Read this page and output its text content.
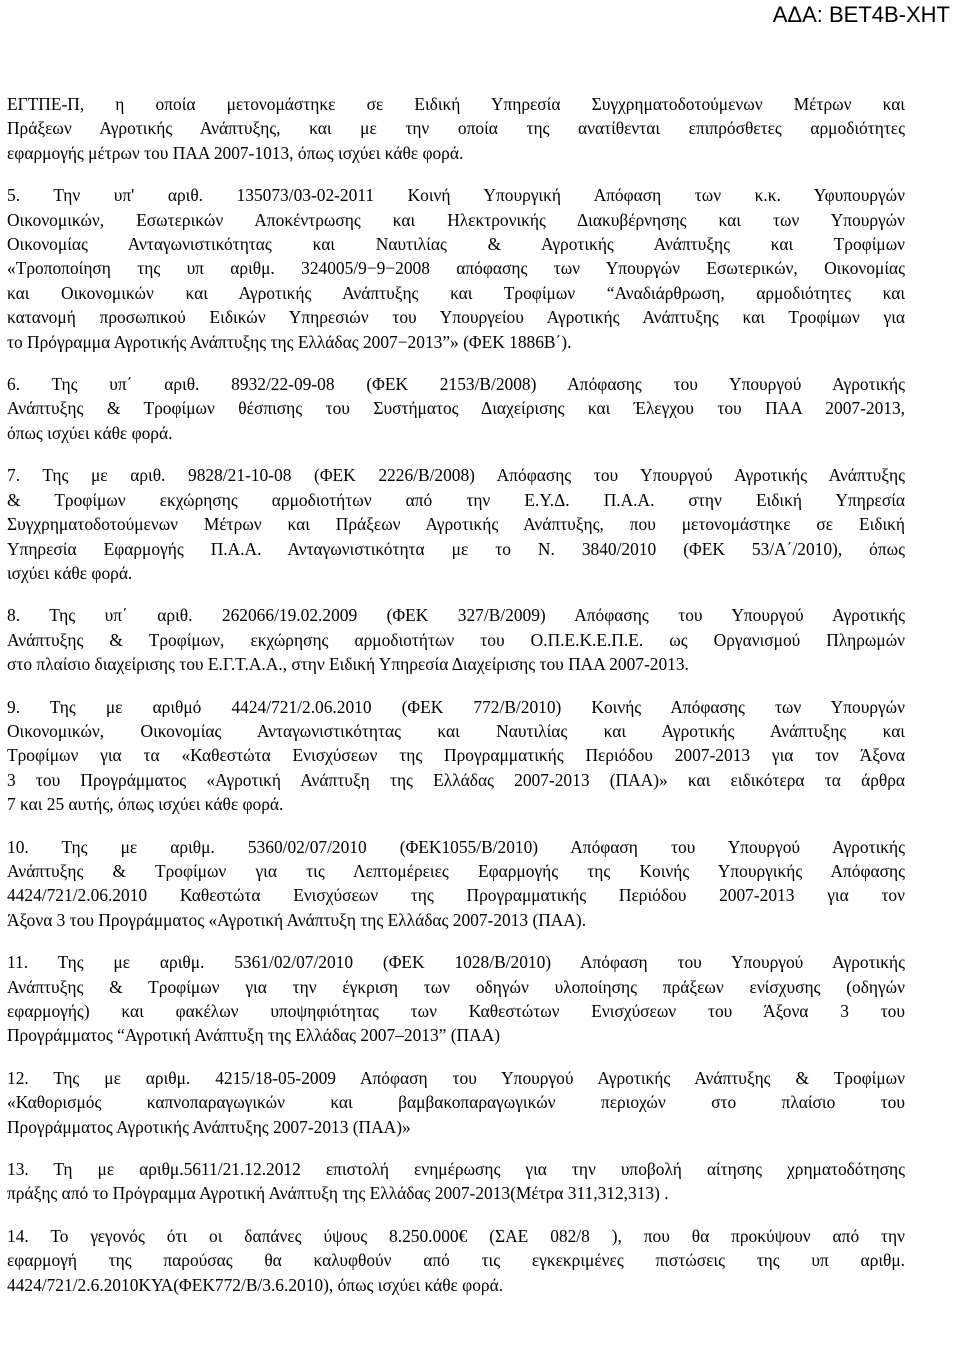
ΑΔΑ: ΒΕΤ4Β-ΧΗΤ
ΕΓΤΠΕ-Π, η οποία μετονομάστηκε σε Ειδική Υπηρεσία Συγχρηματοδοτούμενων Μέτρων και
Πράξεων Αγροτικής Ανάπτυξης, και με την οποία της ανατίθενται επιπρόσθετες αρμοδιότητες
εφαρμογής μέτρων του ΠΑΑ 2007-1013, όπως ισχύει κάθε φορά.
5. Την υπ' αριθ. 135073/03-02-2011 Κοινή Υπουργική Απόφαση των κ.κ. Υφυπουργών
Οικονομικών, Εσωτερικών Αποκέντρωσης και Ηλεκτρονικής Διακυβέρνησης και των Υπουργών
Οικονομίας Ανταγωνιστικότητας και Ναυτιλίας & Αγροτικής Ανάπτυξης και Τροφίμων
«Τροποποίηση της υπ αριθμ. 324005/9−9−2008 απόφασης των Υπουργών Εσωτερικών, Οικονομίας
και Οικονομικών και Αγροτικής Ανάπτυξης και Τροφίμων “Αναδιάρθρωση, αρμοδιότητες και
κατανομή προσωπικού Ειδικών Υπηρεσιών του Υπουργείου Αγροτικής Ανάπτυξης και Τροφίμων για
το Πρόγραμμα Αγροτικής Ανάπτυξης της Ελλάδας 2007−2013”» (ΦΕΚ 1886Β΄).
6. Της υπ΄ αριθ. 8932/22-09-08 (ΦΕΚ 2153/Β/2008) Απόφασης του Υπουργού Αγροτικής
Ανάπτυξης & Τροφίμων θέσπισης του Συστήματος Διαχείρισης και Έλεγχου του ΠΑΑ 2007-2013,
όπως ισχύει κάθε φορά.
7. Της με αριθ. 9828/21-10-08 (ΦΕΚ 2226/Β/2008) Απόφασης του Υπουργού Αγροτικής Ανάπτυξης
& Τροφίμων εκχώρησης αρμοδιοτήτων από την Ε.Υ.Δ. Π.Α.Α. στην Ειδική Υπηρεσία
Συγχρηματοδοτούμενων Μέτρων και Πράξεων Αγροτικής Ανάπτυξης, που μετονομάστηκε σε Ειδική
Υπηρεσία Εφαρμογής Π.Α.Α. Ανταγωνιστικότητα με το Ν. 3840/2010 (ΦΕΚ 53/Α΄/2010), όπως
ισχύει κάθε φορά.
8. Της υπ΄ αριθ. 262066/19.02.2009 (ΦΕΚ 327/Β/2009) Απόφασης του Υπουργού Αγροτικής
Ανάπτυξης & Τροφίμων, εκχώρησης αρμοδιοτήτων του Ο.Π.Ε.Κ.Ε.Π.Ε. ως Οργανισμού Πληρωμών
στο πλαίσιο διαχείρισης του Ε.Γ.Τ.Α.Α., στην Ειδική Υπηρεσία Διαχείρισης του ΠΑΑ 2007-2013.
9. Της με αριθμό 4424/721/2.06.2010 (ΦΕΚ 772/Β/2010) Κοινής Απόφασης των Υπουργών
Οικονομικών, Οικονομίας Ανταγωνιστικότητας και Ναυτιλίας και Αγροτικής Ανάπτυξης και
Τροφίμων για τα «Καθεστώτα Ενισχύσεων της Προγραμματικής Περιόδου 2007-2013 για τον Άξονα
3 του Προγράμματος «Αγροτική Ανάπτυξη της Ελλάδας 2007-2013 (ΠΑΑ)» και ειδικότερα τα άρθρα
7 και 25 αυτής, όπως ισχύει κάθε φορά.
10. Της με αριθμ. 5360/02/07/2010 (ΦΕΚ1055/Β/2010) Απόφαση του Υπουργού Αγροτικής
Ανάπτυξης & Τροφίμων για τις Λεπτομέρειες Εφαρμογής της Κοινής Υπουργικής Απόφασης
4424/721/2.06.2010 Καθεστώτα Ενισχύσεων της Προγραμματικής Περιόδου 2007-2013 για τον
Άξονα 3 του Προγράμματος «Αγροτική Ανάπτυξη της Ελλάδας 2007-2013 (ΠΑΑ).
11. Της με αριθμ. 5361/02/07/2010 (ΦΕΚ 1028/Β/2010) Απόφαση του Υπουργού Αγροτικής
Ανάπτυξης & Τροφίμων για την έγκριση των οδηγών υλοποίησης πράξεων ενίσχυσης (οδηγών
εφαρμογής) και φακέλων υποψηφιότητας των Καθεστώτων Ενισχύσεων του Άξονα 3 του
Προγράμματος “Αγροτική Ανάπτυξη της Ελλάδας 2007–2013” (ΠΑΑ)
12. Της με αριθμ. 4215/18-05-2009 Απόφαση του Υπουργού Αγροτικής Ανάπτυξης & Τροφίμων
«Καθορισμός καπνοπαραγωγικών και βαμβακοπαραγωγικών περιοχών στο πλαίσιο του
Προγράμματος Αγροτικής Ανάπτυξης 2007-2013 (ΠΑΑ)»
13. Τη με αριθμ.5611/21.12.2012 επιστολή ενημέρωσης για την υποβολή αίτησης χρηματοδότησης
πράξης από το Πρόγραμμα Αγροτική Ανάπτυξη της Ελλάδας 2007-2013(Μέτρα 311,312,313) .
14. Το γεγονός ότι οι δαπάνες ύψους 8.250.000€ (ΣΑΕ 082/8 ), που θα προκύψουν από την
εφαρμογή της παρούσας θα καλυφθούν από τις εγκεκριμένες πιστώσεις της υπ αριθμ.
4424/721/2.6.2010ΚΥΑ(ΦΕΚ772/Β/3.6.2010), όπως ισχύει κάθε φορά.
